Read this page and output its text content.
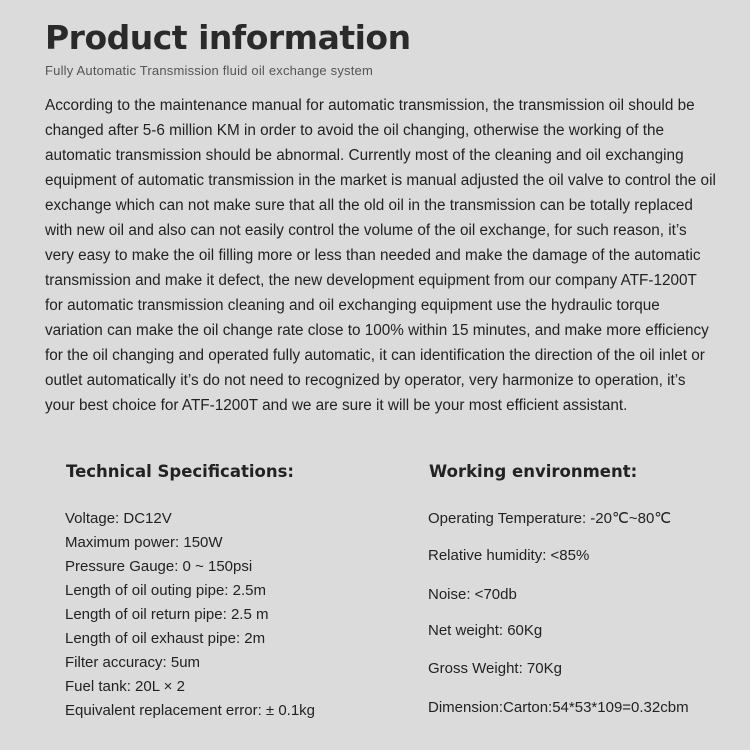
Product information
Fully Automatic Transmission fluid oil exchange system

According to the maintenance manual for automatic transmission, the transmission oil should be changed after 5-6 million KM in order to avoid the oil changing, otherwise the working of the automatic transmission should be abnormal. Currently most of the cleaning and oil exchanging equipment of automatic transmission in the market is manual adjusted the oil valve to control the oil exchange which can not make sure that all the old oil in the transmission can be totally replaced with new oil and also can not easily control the volume of the oil exchange, for such reason, it’s very easy to make the oil filling more or less than needed and make the damage of the automatic transmission and make it defect, the new development equipment from our company ATF-1200T for automatic transmission cleaning and oil exchanging equipment use the hydraulic torque variation can make the oil change rate close to 100% within 15 minutes, and make more efficiency for the oil changing and operated fully automatic, it can identification the direction of the oil inlet or outlet automatically it’s do not need to recognized by operator, very harmonize to operation, it’s your best choice for ATF-1200T and we are sure it will be your most efficient assistant.

Technical Specifications:	Working environment:
Voltage: DC12V
Maximum power: 150W
Pressure Gauge: 0 ~ 150psi
Length of oil outing pipe: 2.5m
Length of oil return pipe: 2.5 m
Length of oil exhaust pipe: 2m
Filter accuracy: 5um
Fuel tank: 20L × 2
Equivalent replacement error: ± 0.1kg
Operating Temperature: -20℃~80℃
Relative humidity: <85%
Noise: <70db
Net weight: 60Kg
Gross Weight: 70Kg
Dimension:Carton:54*53*109=0.32cbm
